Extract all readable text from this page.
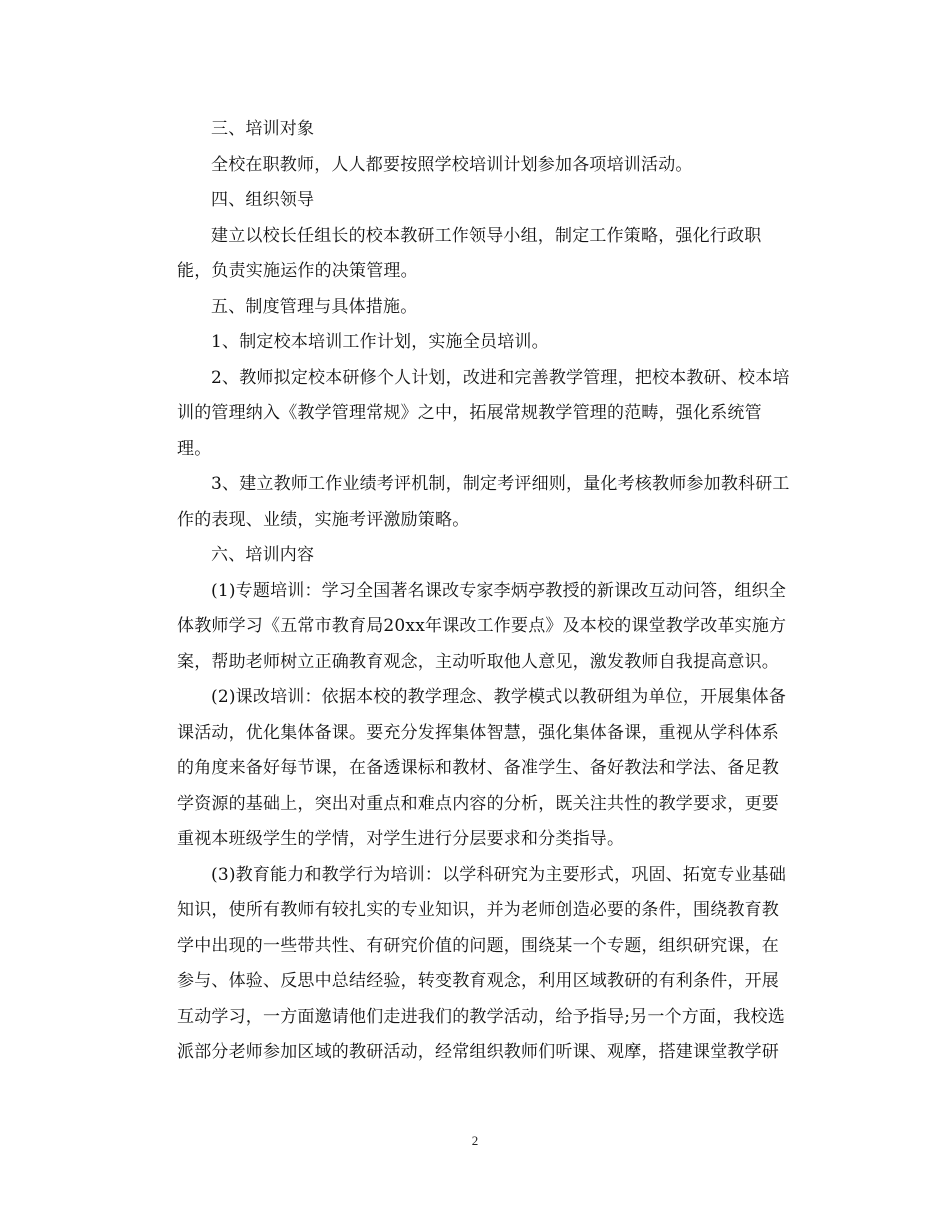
三、培训对象
全校在职教师，人人都要按照学校培训计划参加各项培训活动。
四、组织领导
建立以校长任组长的校本教研工作领导小组，制定工作策略，强化行政职
能，负责实施运作的决策管理。
五、制度管理与具体措施。
1、制定校本培训工作计划，实施全员培训。
2、教师拟定校本研修个人计划，改进和完善教学管理，把校本教研、校本培
训的管理纳入《教学管理常规》之中，拓展常规教学管理的范畴，强化系统管
理。
3、建立教师工作业绩考评机制，制定考评细则，量化考核教师参加教科研工
作的表现、业绩，实施考评激励策略。
六、培训内容
(1)专题培训：学习全国著名课改专家李炳亭教授的新课改互动问答，组织全
体教师学习《五常市教育局20xx年课改工作要点》及本校的课堂教学改革实施方
案，帮助老师树立正确教育观念，主动听取他人意见，激发教师自我提高意识。
(2)课改培训：依据本校的教学理念、教学模式以教研组为单位，开展集体备
课活动，优化集体备课。要充分发挥集体智慧，强化集体备课，重视从学科体系
的角度来备好每节课，在备透课标和教材、备准学生、备好教法和学法、备足教
学资源的基础上，突出对重点和难点内容的分析，既关注共性的教学要求，更要
重视本班级学生的学情，对学生进行分层要求和分类指导。
(3)教育能力和教学行为培训：以学科研究为主要形式，巩固、拓宽专业基础
知识，使所有教师有较扎实的专业知识，并为老师创造必要的条件，围绕教育教
学中出现的一些带共性、有研究价值的问题，围绕某一个专题，组织研究课，在
参与、体验、反思中总结经验，转变教育观念，利用区域教研的有利条件，开展
互动学习，一方面邀请他们走进我们的教学活动，给予指导;另一个方面，我校选
派部分老师参加区域的教研活动，经常组织教师们听课、观摩，搭建课堂教学研
2
